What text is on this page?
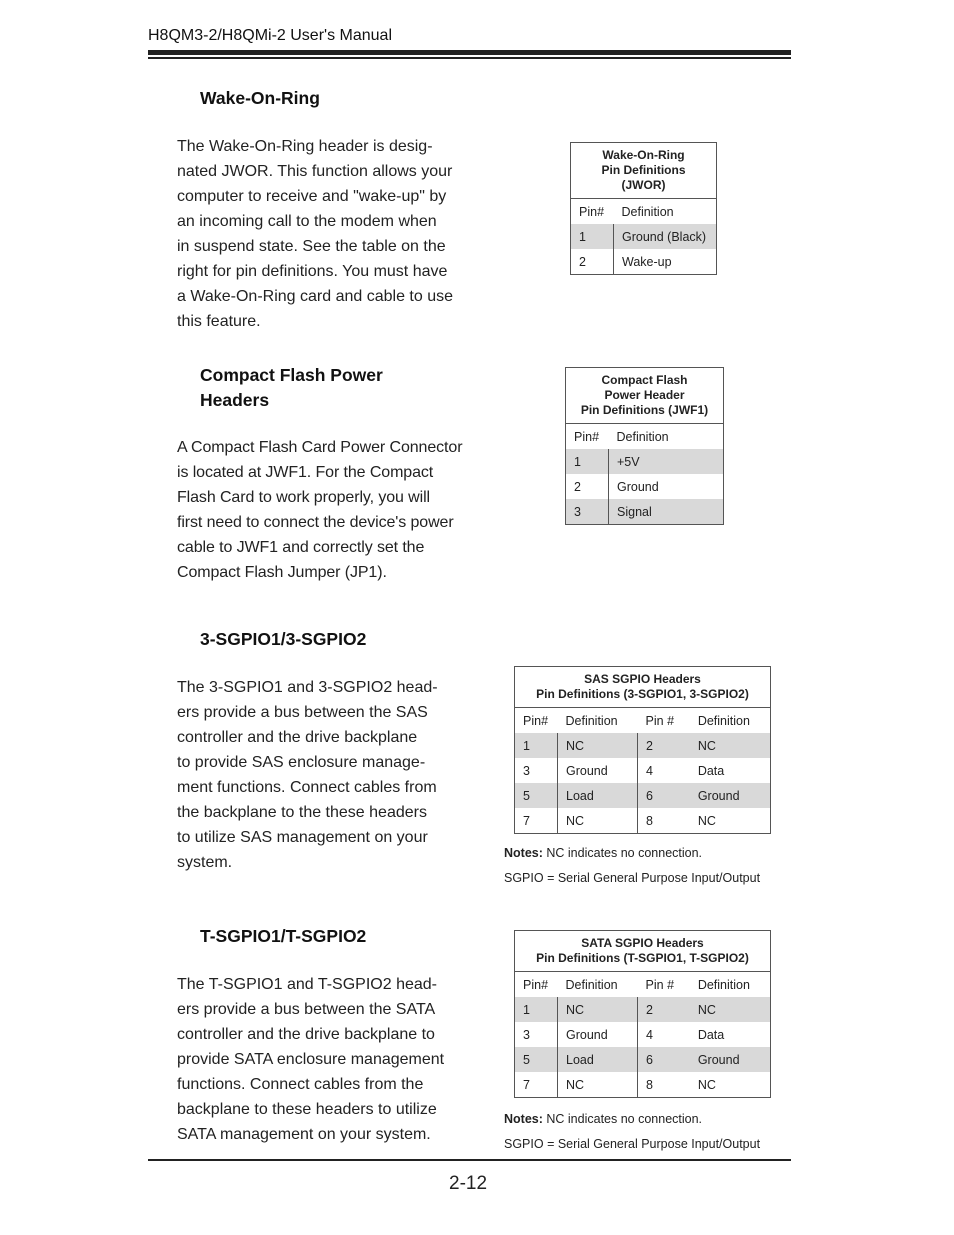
H8QM3-2/H8QMi-2 User's Manual
Wake-On-Ring
The Wake-On-Ring header is desig-
nated JWOR. This function allows your
computer to receive and "wake-up" by
an incoming call to the modem when
in suspend state. See the table on the
right for pin definitions. You must have
a Wake-On-Ring card and cable to use
this feature.
Wake-On-Ring
Pin Definitions
(JWOR)	

Pin#	Definition
1	Ground (Black)
2	Wake-up
Compact Flash Power
Headers
A Compact Flash Card Power Connector
is located at JWF1. For the Compact
Flash Card to work properly, you will
first need to connect the device's power
cable to JWF1 and correctly set the
Compact Flash Jumper (JP1).
Compact Flash
Power Header
Pin Definitions (JWF1)	

Pin#	Definition
1	+5V
2	Ground
3	Signal
3-SGPIO1/3-SGPIO2
The 3-SGPIO1 and 3-SGPIO2 head-
ers provide a bus between the SAS
controller and the drive backplane
to provide SAS enclosure manage-
ment functions. Connect cables from
the backplane to the these headers
to utilize SAS management on your
system.
SAS SGPIO Headers
Pin Definitions (3-SGPIO1, 3-SGPIO2)			

Pin#	Definition	Pin #	Definition
1	NC	2	NC
3	Ground	4	Data
5	Load	6	Ground
7	NC	8	NC
Notes: NC indicates no connection.
SGPIO = Serial General Purpose Input/Output
T-SGPIO1/T-SGPIO2
The T-SGPIO1 and T-SGPIO2 head-
ers provide a bus between the SATA
controller and the drive backplane to
provide SATA enclosure management
functions. Connect cables from the
backplane to these headers to utilize
SATA management on your system.
SATA SGPIO Headers
Pin Definitions (T-SGPIO1, T-SGPIO2)			

Pin#	Definition	Pin #	Definition
1	NC	2	NC
3	Ground	4	Data
5	Load	6	Ground
7	NC	8	NC
Notes: NC indicates no connection.
SGPIO = Serial General Purpose Input/Output
2-12
